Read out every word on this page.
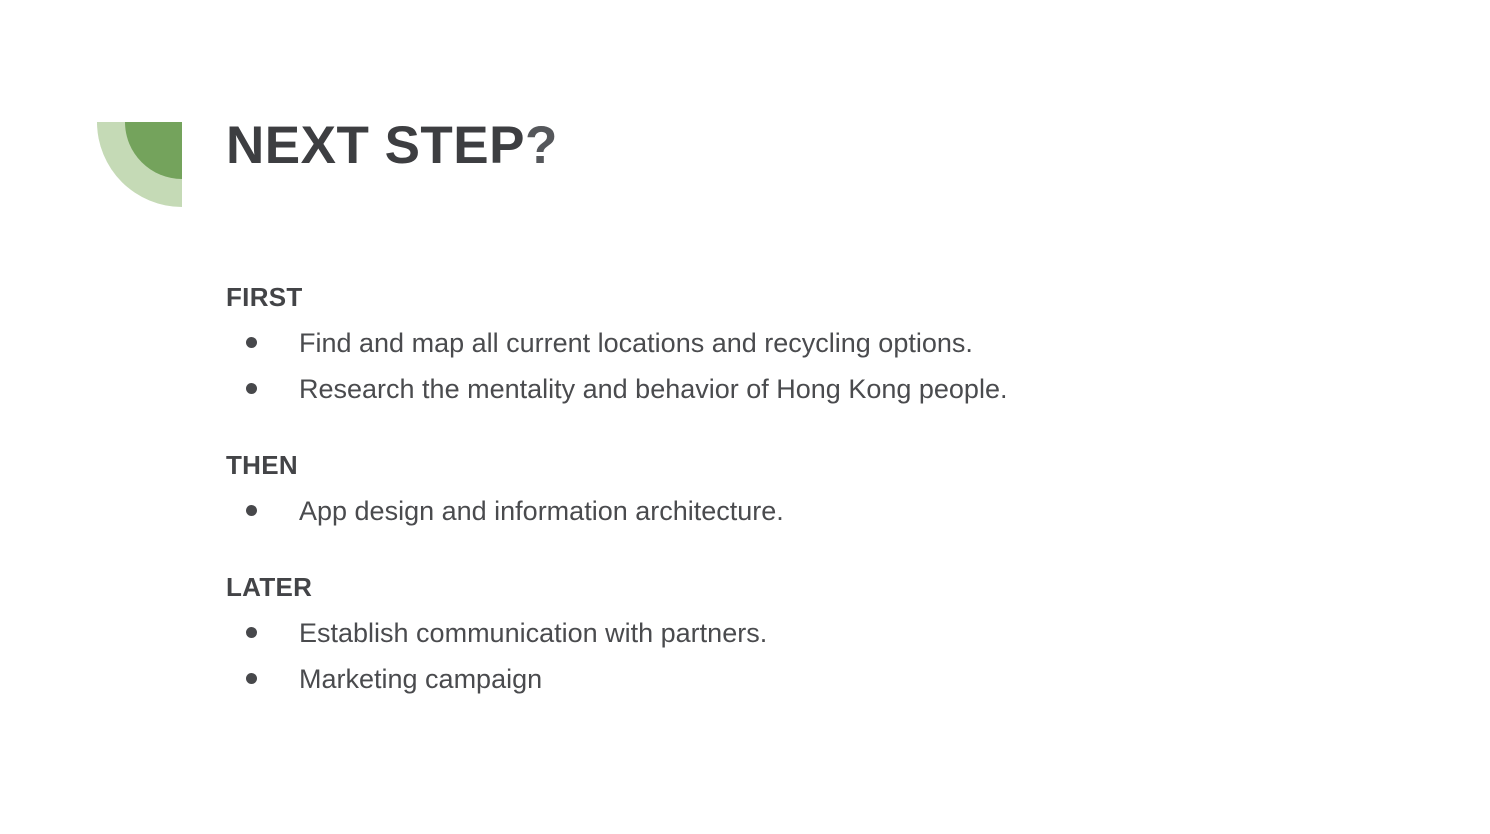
NEXT STEP?
FIRST
Find and map all current locations and recycling options.
Research the mentality and behavior of Hong Kong people.
THEN
App design and information architecture.
LATER
Establish communication with partners.
Marketing campaign
